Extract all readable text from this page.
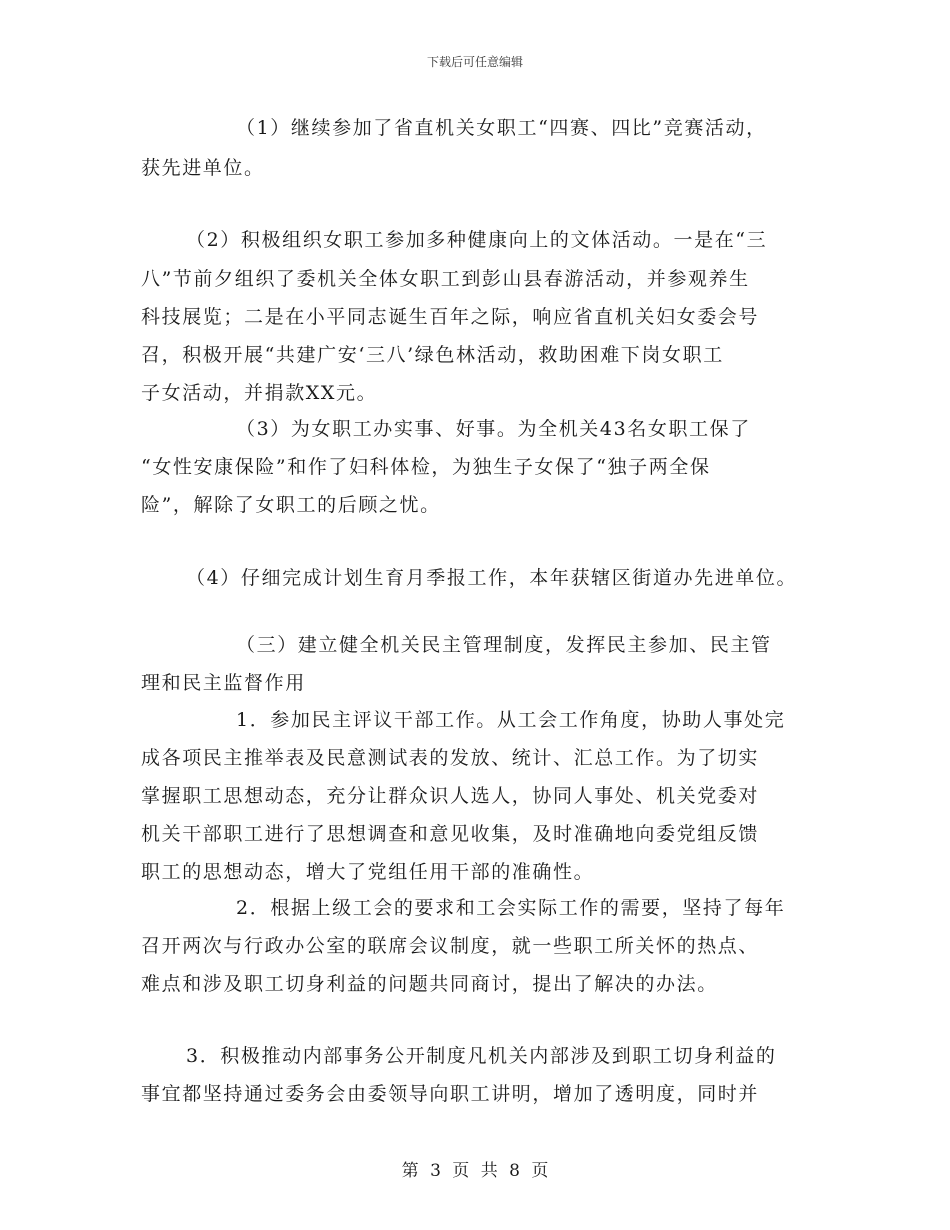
下载后可任意编辑
（1）继续参加了省直机关女职工“四赛、四比”竞赛活动，
获先进单位。
（2）积极组织女职工参加多种健康向上的文体活动。一是在“三
八”节前夕组织了委机关全体女职工到彭山县春游活动，并参观养生
科技展览；二是在小平同志诞生百年之际，响应省直机关妇女委会号
召，积极开展“共建广安‘三八’绿色林活动，救助困难下岗女职工
子女活动，并捐款XX元。
（3）为女职工办实事、好事。为全机关43名女职工保了
“女性安康保险”和作了妇科体检，为独生子女保了“独子两全保
险”，解除了女职工的后顾之忧。
（4）仔细完成计划生育月季报工作，本年获辖区街道办先进单位。
（三）建立健全机关民主管理制度，发挥民主参加、民主管
理和民主监督作用
1．参加民主评议干部工作。从工会工作角度，协助人事处完
成各项民主推举表及民意测试表的发放、统计、汇总工作。为了切实
掌握职工思想动态，充分让群众识人选人，协同人事处、机关党委对
机关干部职工进行了思想调查和意见收集，及时准确地向委党组反馈
职工的思想动态，增大了党组任用干部的准确性。
2．根据上级工会的要求和工会实际工作的需要，坚持了每年
召开两次与行政办公室的联席会议制度，就一些职工所关怀的热点、
难点和涉及职工切身利益的问题共同商讨，提出了解决的办法。
3．积极推动内部事务公开制度凡机关内部涉及到职工切身利益的
事宜都坚持通过委务会由委领导向职工讲明，增加了透明度，同时并
第 3 页 共 8 页
